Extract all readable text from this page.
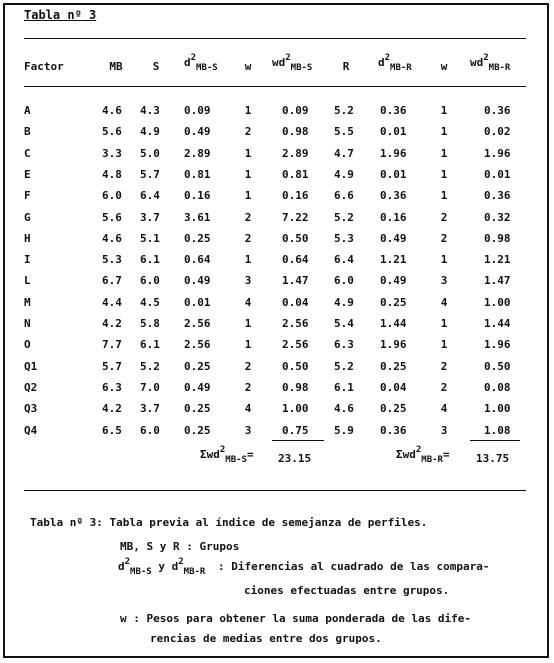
Tabla nº 3
Factor	MB	S $d^2_{MB-S}$ w $wd^2_{MB-S}$	R	$d^2_{MB-R}$	w $wd^2_{MB-R}$
A	4.6 4.3 0.09	1	0.09 5.2 0.36	1	0.36
B	5.6 4.9 0.49	2	0.98 5.5 0.01	1	0.02
C	3.3 5.0 2.89	1	2.89 4.7 1.96	1	1.96
E	4.8 5.7 0.81	1	0.81 4.9 0.01	1	0.01
F	6.0 6.4 0.16	1	0.16 6.6 0.36	1	0.36
G	5.6 3.7 3.61	2	7.22 5.2 0.16	2	0.32
H	4.6 5.1 0.25	2	0.50 5.3 0.49	2	0.98
I	5.3 6.1 0.64	1	0.64 6.4 1.21	1	1.21
L	6.7 6.0 0.49	3	1.47 6.0 0.49	3	1.47
M	4.4 4.5 0.01	4	0.04 4.9 0.25	4	1.00
N	4.2 5.8 2.56	1	2.56 5.4 1.44	1	1.44
O	7.7 6.1 2.56	1	2.56 6.3 1.96	1	1.96
Q1	5.7 5.2 0.25	2	0.50 5.2 0.25	2	0.50
Q2	6.3 7.0 0.49	2	0.98 6.1 0.04	2	0.08
Q3	4.2 3.7 0.25	4	1.00 4.6 0.25	4	1.00
Q4	6.5 6.0 0.25	3	0.75 5.9 0.36	3	1.08
Σwd$^2_{MB-S}$= 23.15	Σwd$^2_{MB-R}$= 13.75
Tabla nº 3: Tabla previa al índice de semejanza de perfiles.
MB, S y R : Grupos
$d^2_{MB-S}$ y $d^2_{MB-R}$ : Diferencias al cuadrado de las compara-
ciones efectuadas entre grupos.
w : Pesos para obtener la suma ponderada de las dife-
rencias de medias entre dos grupos.
